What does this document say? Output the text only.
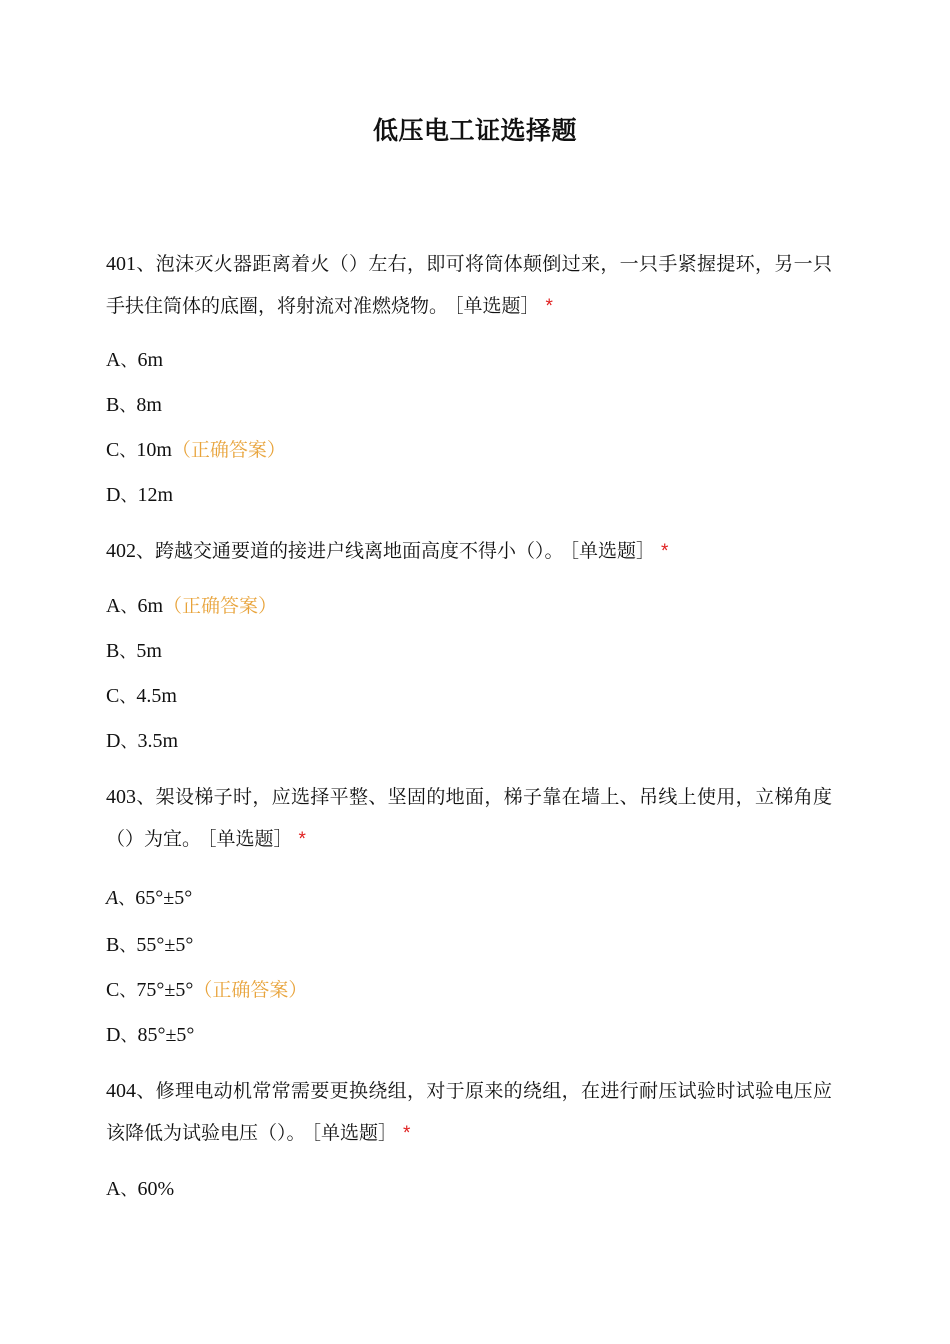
低压电工证选择题
401、泡沫灭火器距离着火（）左右，即可将筒体颠倒过来，一只手紧握提环，另一只手扶住筒体的底圈，将射流对准燃烧物。 ［单选题］ *
A、6m
B、8m
C、10m（正确答案）
D、12m
402、跨越交通要道的接进户线离地面高度不得小（）。 ［单选题］ *
A、6m（正确答案）
B、5m
C、4.5m
D、3.5m
403、架设梯子时，应选择平整、坚固的地面，梯子靠在墙上、吊线上使用，立梯角度（）为宜。 ［单选题］ *
A、65°±5°
B、55°±5°
C、75°±5°（正确答案）
D、85°±5°
404、修理电动机常常需要更换绕组，对于原来的绕组，在进行耐压试验时试验电压应该降低为试验电压（）。 ［单选题］ *
A、60%
